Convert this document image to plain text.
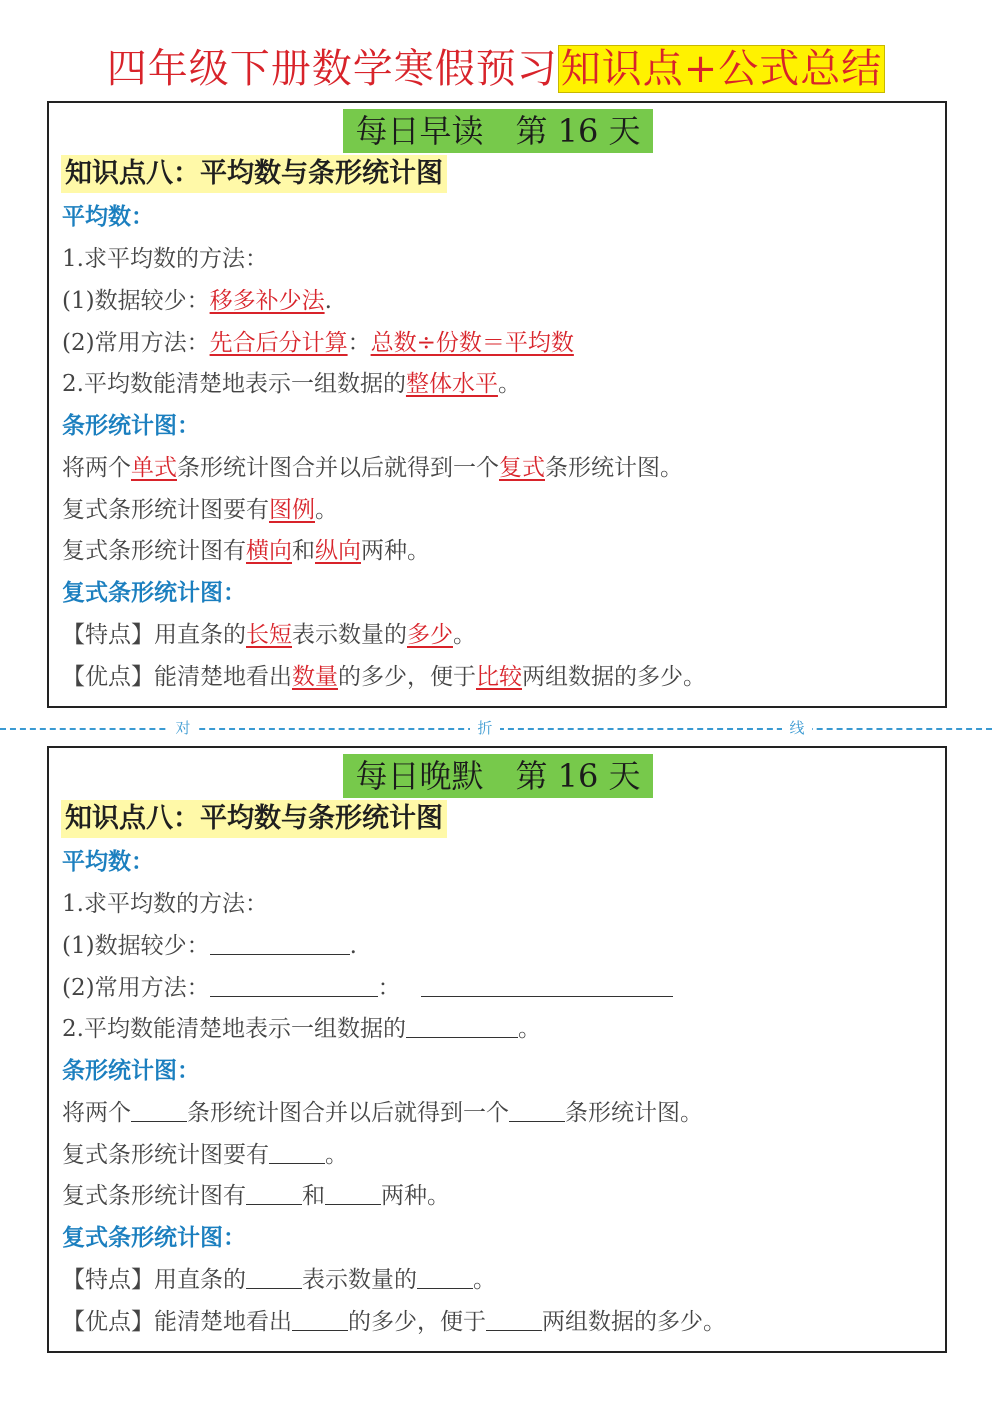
四年级下册数学寒假预习知识点+公式总结
每日早读　第 16 天
知识点八：平均数与条形统计图
平均数：
1.求平均数的方法：
(1)数据较少：移多补少法.
(2)常用方法：先合后分计算：总数÷份数＝平均数
2.平均数能清楚地表示一组数据的整体水平。
条形统计图：
将两个单式条形统计图合并以后就得到一个复式条形统计图。
复式条形统计图要有图例。
复式条形统计图有横向和纵向两种。
复式条形统计图：
【特点】用直条的长短表示数量的多少。
【优点】能清楚地看出数量的多少，便于比较两组数据的多少。
对	折	线
每日晚默　第 16 天
知识点八：平均数与条形统计图
平均数：
1.求平均数的方法：
(1)数据较少：	.
(2)常用方法：	：
2.平均数能清楚地表示一组数据的	。
条形统计图：
将两个 条形统计图合并以后就得到一个 条形统计图。
复式条形统计图要有 。
复式条形统计图有 和 两种。
复式条形统计图：
【特点】用直条的 表示数量的 。
【优点】能清楚地看出 的多少，便于 两组数据的多少。
